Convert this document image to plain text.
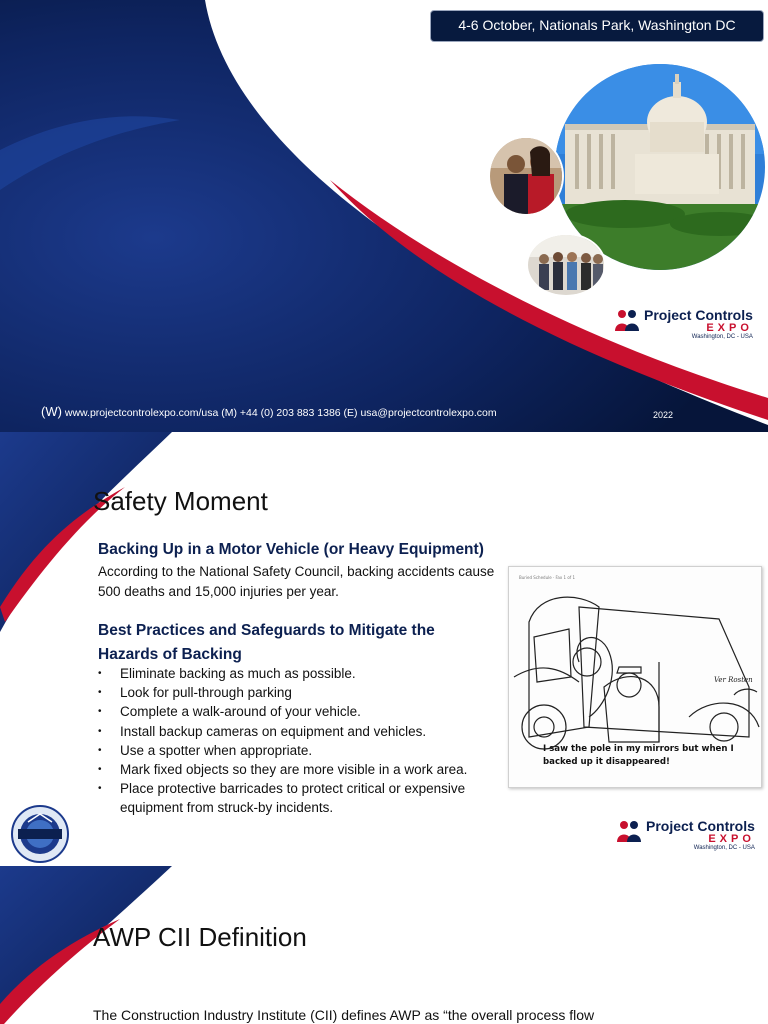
4-6 October, Nationals Park, Washington DC
Project Controls
EXPO
Washington, DC - USA
(W) www.projectcontrolexpo.com/usa (M) +44 (0) 203 883 1386 (E) usa@projectcontrolexpo.com	2022
Safety Moment
Backing Up in a Motor Vehicle (or Heavy Equipment)
According to the National Safety Council, backing accidents cause 500 deaths and 15,000 injuries per year.
Best Practices and Safeguards to Mitigate the Hazards of Backing
• Eliminate backing as much as possible.
• Look for pull-through parking
• Complete a walk-around of your vehicle.
• Install backup cameras on equipment and vehicles.
• Use a spotter when appropriate.
• Mark fixed objects so they are more visible in a work area.
• Place protective barricades to protect critical or expensive equipment from struck-by incidents.
Buried Schedule · Fax 1 of 1
Ver Rosten
I saw the pole in my mirrors but when I backed up it disappeared!
Project Controls
EXPO
Washington, DC - USA
AWP CII Definition
The Construction Industry Institute (CII) defines AWP as “the overall process flow
